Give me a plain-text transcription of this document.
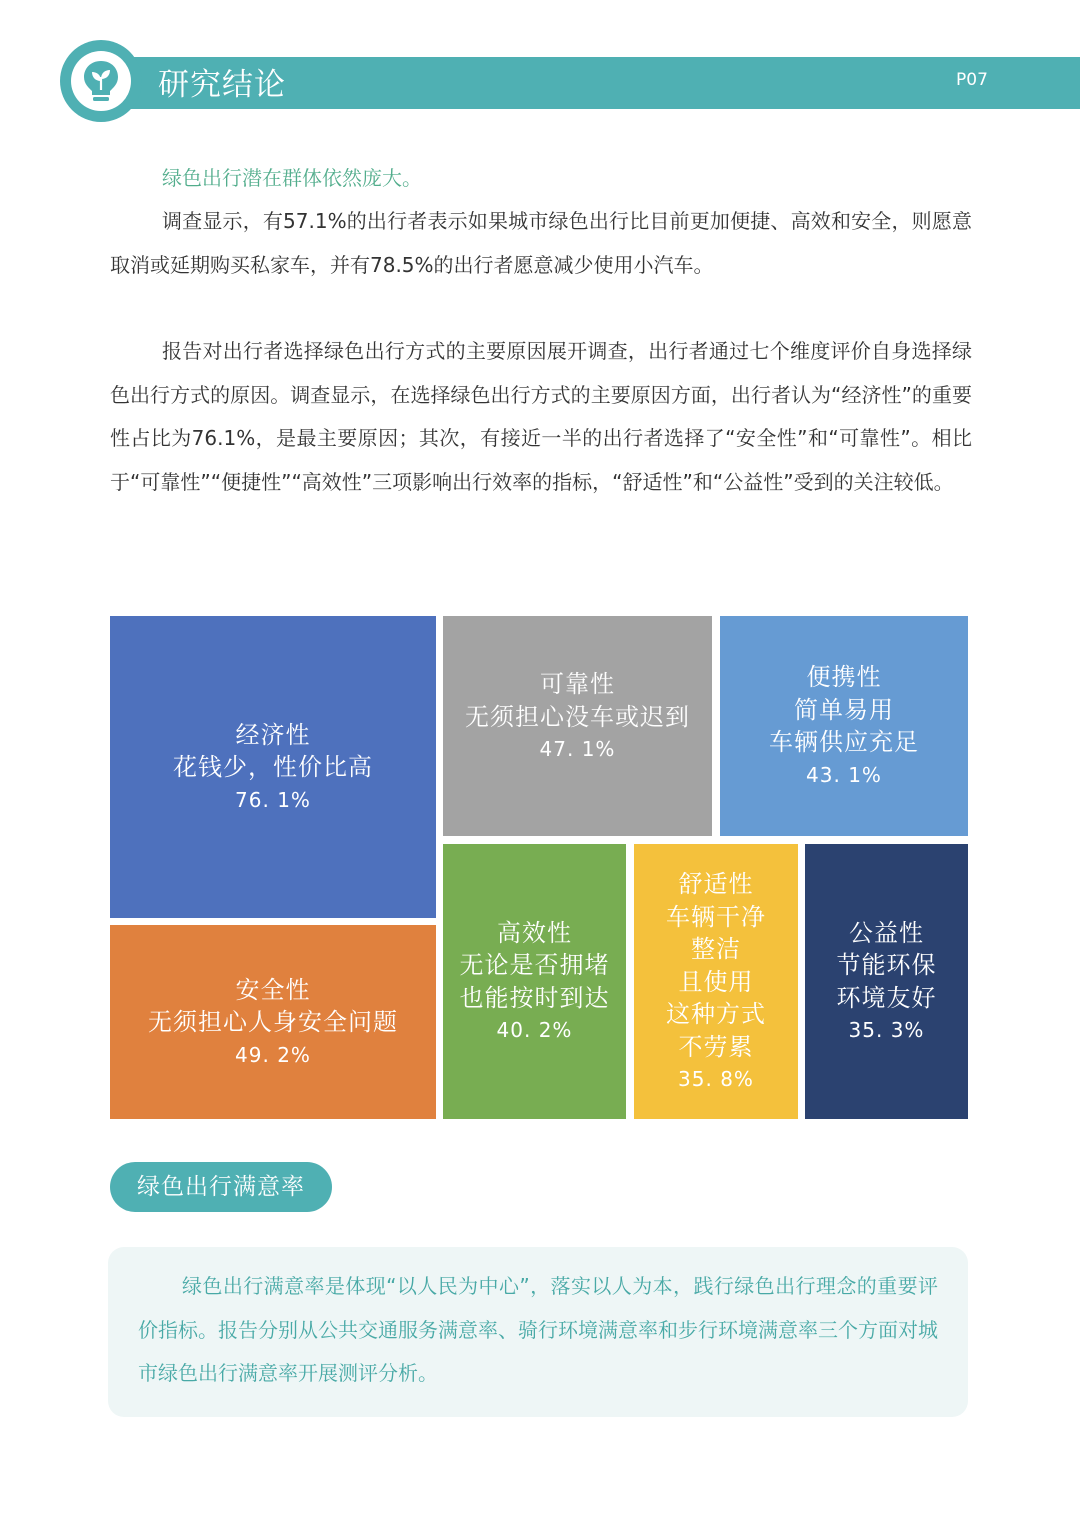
研究结论	P07
绿色出行潜在群体依然庞大。

调查显示，有57.1%的出行者表示如果城市绿色出行比目前更加便捷、高效和安全，则愿意取消或延期购买私家车，并有78.5%的出行者愿意减少使用小汽车。

报告对出行者选择绿色出行方式的主要原因展开调查，出行者通过七个维度评价自身选择绿色出行方式的原因。调查显示，在选择绿色出行方式的主要原因方面，出行者认为“经济性”的重要性占比为76.1%，是最主要原因；其次，有接近一半的出行者选择了“安全性”和“可靠性”。相比于“可靠性”“便捷性”“高效性”三项影响出行效率的指标，“舒适性”和“公益性”受到的关注较低。

经济性
花钱少，性价比高
76. 1%
安全性
无须担心人身安全问题
49. 2%
可靠性
无须担心没车或迟到
47. 1%
便携性
简单易用
车辆供应充足
43. 1%
高效性
无论是否拥堵
也能按时到达
40. 2%
舒适性
车辆干净
整洁
且使用
这种方式
不劳累
35. 8%
公益性
节能环保
环境友好
35. 3%
绿色出行满意率

绿色出行满意率是体现“以人民为中心”，落实以人为本，践行绿色出行理念的重要评价指标。报告分别从公共交通服务满意率、骑行环境满意率和步行环境满意率三个方面对城市绿色出行满意率开展测评分析。
